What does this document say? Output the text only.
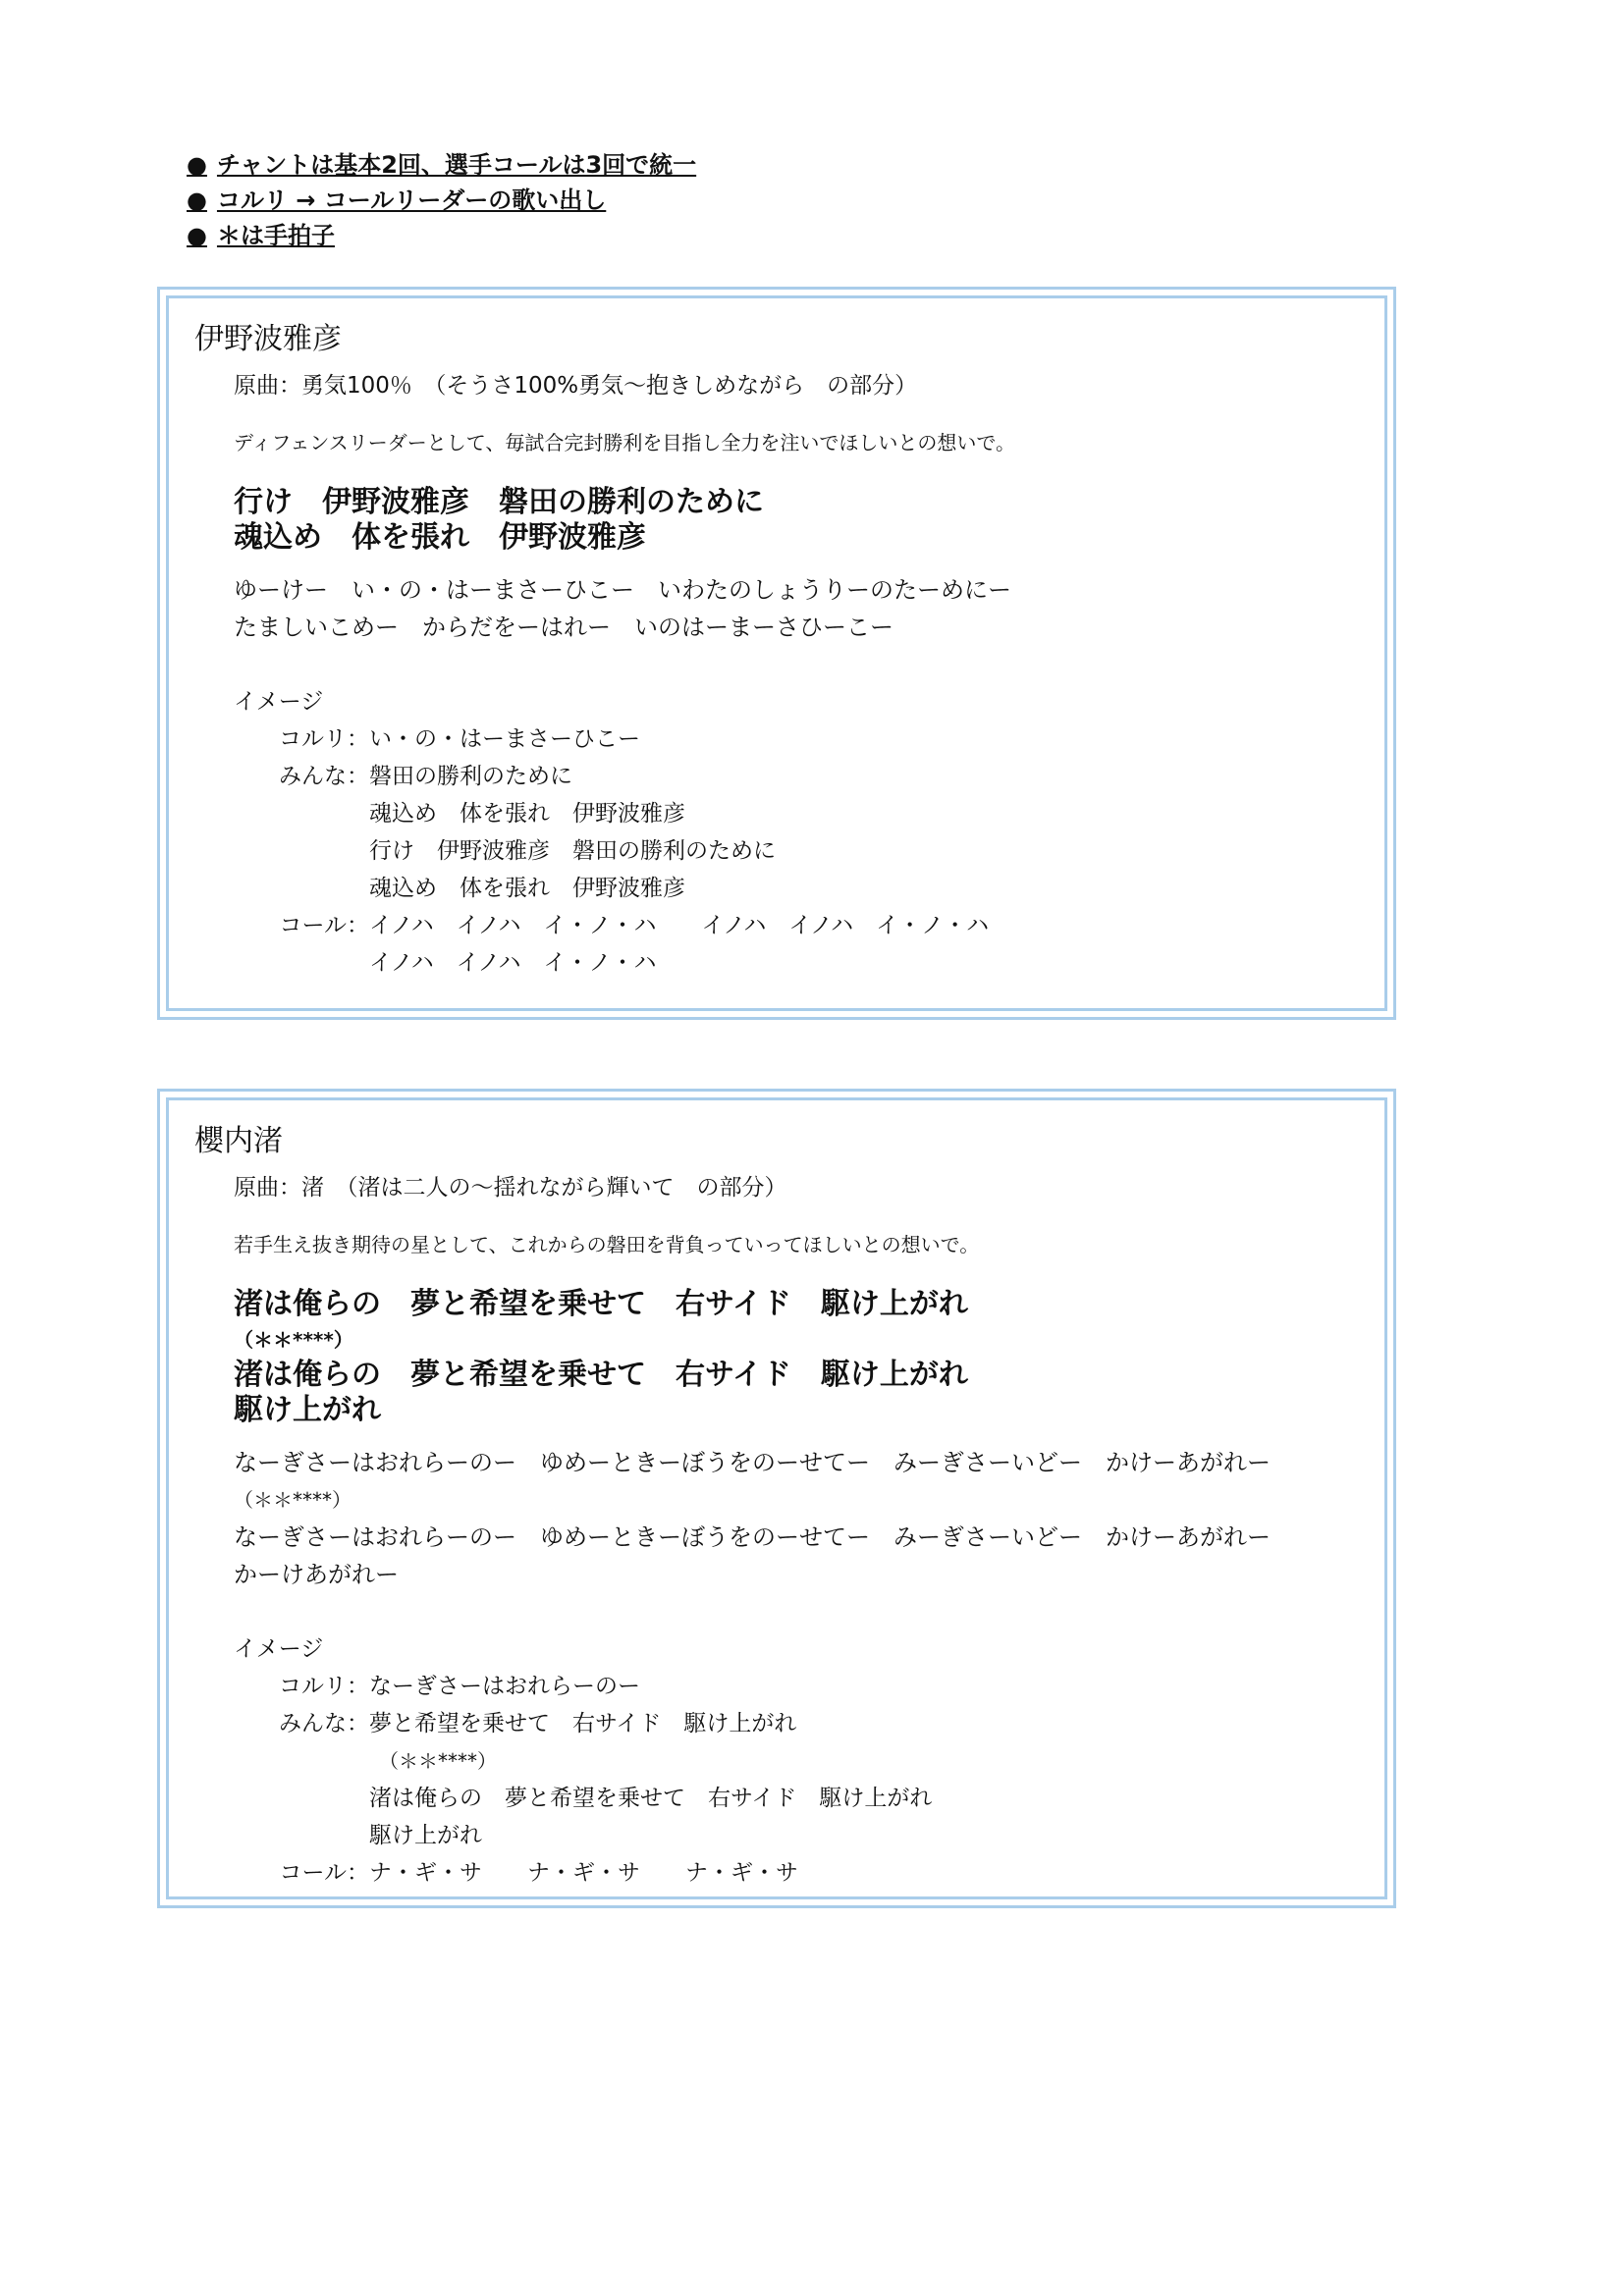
● チャントは基本2回、選手コールは3回で統一
● コルリ → コールリーダーの歌い出し
● ＊は手拍子
伊野波雅彦
原曲：勇気100％　（そうさ100%勇気～抱きしめながら　の部分）
ディフェンスリーダーとして、毎試合完封勝利を目指し全力を注いでほしいとの想いで。
行け　伊野波雅彦　磐田の勝利のために
魂込め　体を張れ　伊野波雅彦
ゆーけー　い・の・はーまさーひこー　いわたのしょうりーのたーめにー
たましいこめー　からだをーはれー　いのはーまーさひーこー
イメージ
コルリ： い・の・はーまさーひこー
みんな： 磐田の勝利のために
魂込め　体を張れ　伊野波雅彦
行け　伊野波雅彦　磐田の勝利のために
魂込め　体を張れ　伊野波雅彦
コール： イノハ　イノハ　イ・ノ・ハ　　イノハ　イノハ　イ・ノ・ハ
イノハ　イノハ　イ・ノ・ハ
櫻内渚
原曲：渚　（渚は二人の～揺れながら輝いて　の部分）
若手生え抜き期待の星として、これからの磐田を背負っていってほしいとの想いで。
渚は俺らの　夢と希望を乗せて　右サイド　駆け上がれ
（＊＊****）
渚は俺らの　夢と希望を乗せて　右サイド　駆け上がれ
駆け上がれ
なーぎさーはおれらーのー　ゆめーときーぼうをのーせてー　みーぎさーいどー　かけーあがれー
（＊＊****）
なーぎさーはおれらーのー　ゆめーときーぼうをのーせてー　みーぎさーいどー　かけーあがれー
かーけあがれー
イメージ
コルリ： なーぎさーはおれらーのー
みんな： 夢と希望を乗せて　右サイド　駆け上がれ
　（＊＊****）
渚は俺らの　夢と希望を乗せて　右サイド　駆け上がれ
駆け上がれ
コール： ナ・ギ・サ　　ナ・ギ・サ　　ナ・ギ・サ
